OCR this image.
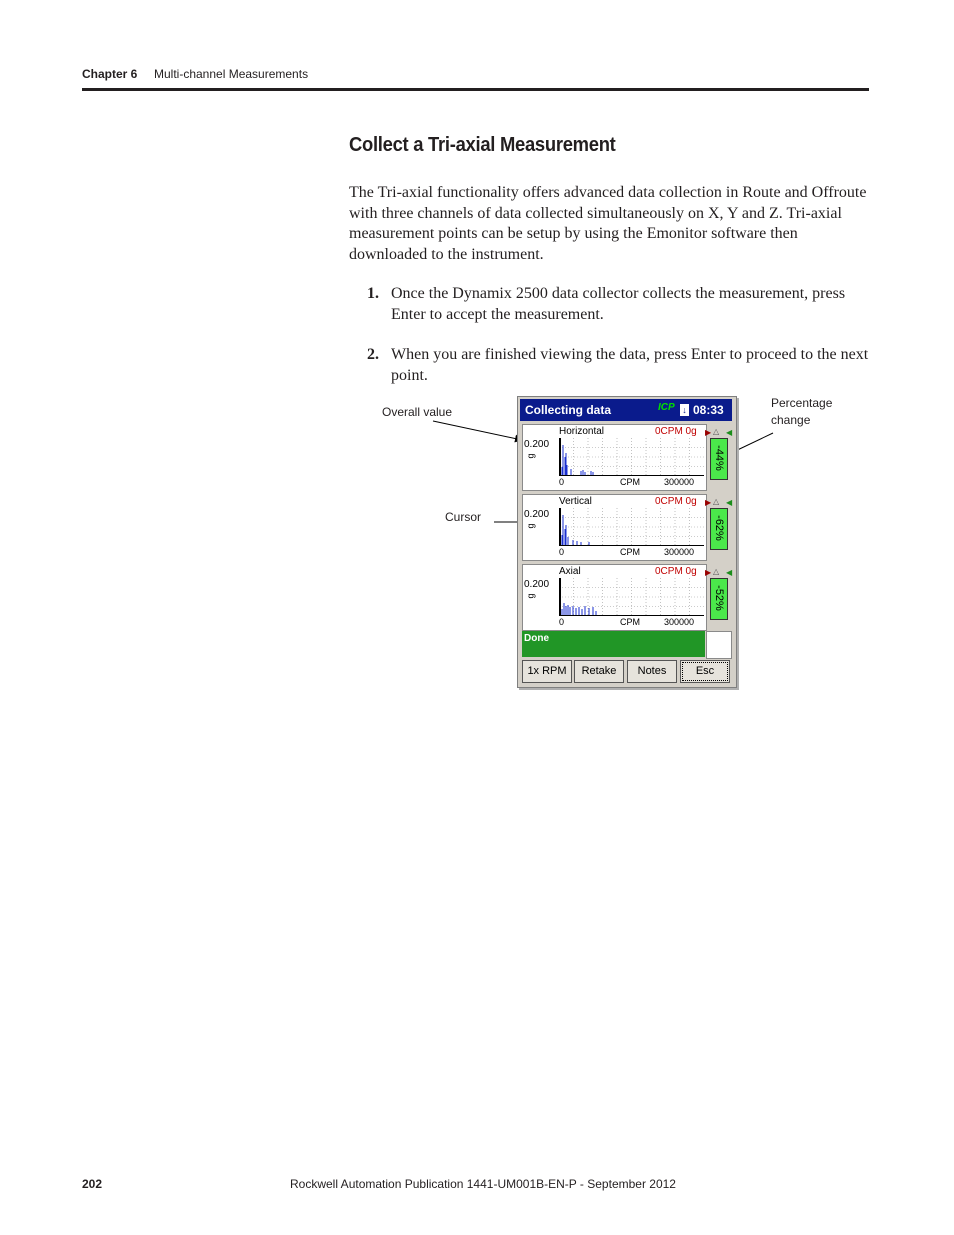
Chapter 6 Multi-channel Measurements
Collect a Tri-axial Measurement
The Tri-axial functionality offers advanced data collection in Route and Offroute
with three channels of data collected simultaneously on X, Y and Z. Tri-axial
measurement points can be setup by using the Emonitor software then
downloaded to the instrument.
1. Once the Dynamix 2500 data collector collects the measurement, press
Enter to accept the measurement.
2. When you are finished viewing the data, press Enter to proceed to the next
point.
Overall value
Cursor
Percentage
change
Collecting data	ICP ↓ 08:33
Horizontal	0CPM 0g
0.200
g
0	CPM	300000
Vertical	0CPM 0g
0.200
g
0	CPM	300000
Axial	0CPM 0g
0.200
g
0	CPM	300000
△
▶ ◀
-44%
△
▶ ◀
-62%
△
▶ ◀
-52%
Done
1x RPM	Retake	Notes	Esc
202	Rockwell Automation Publication 1441-UM001B-EN-P - September 2012
